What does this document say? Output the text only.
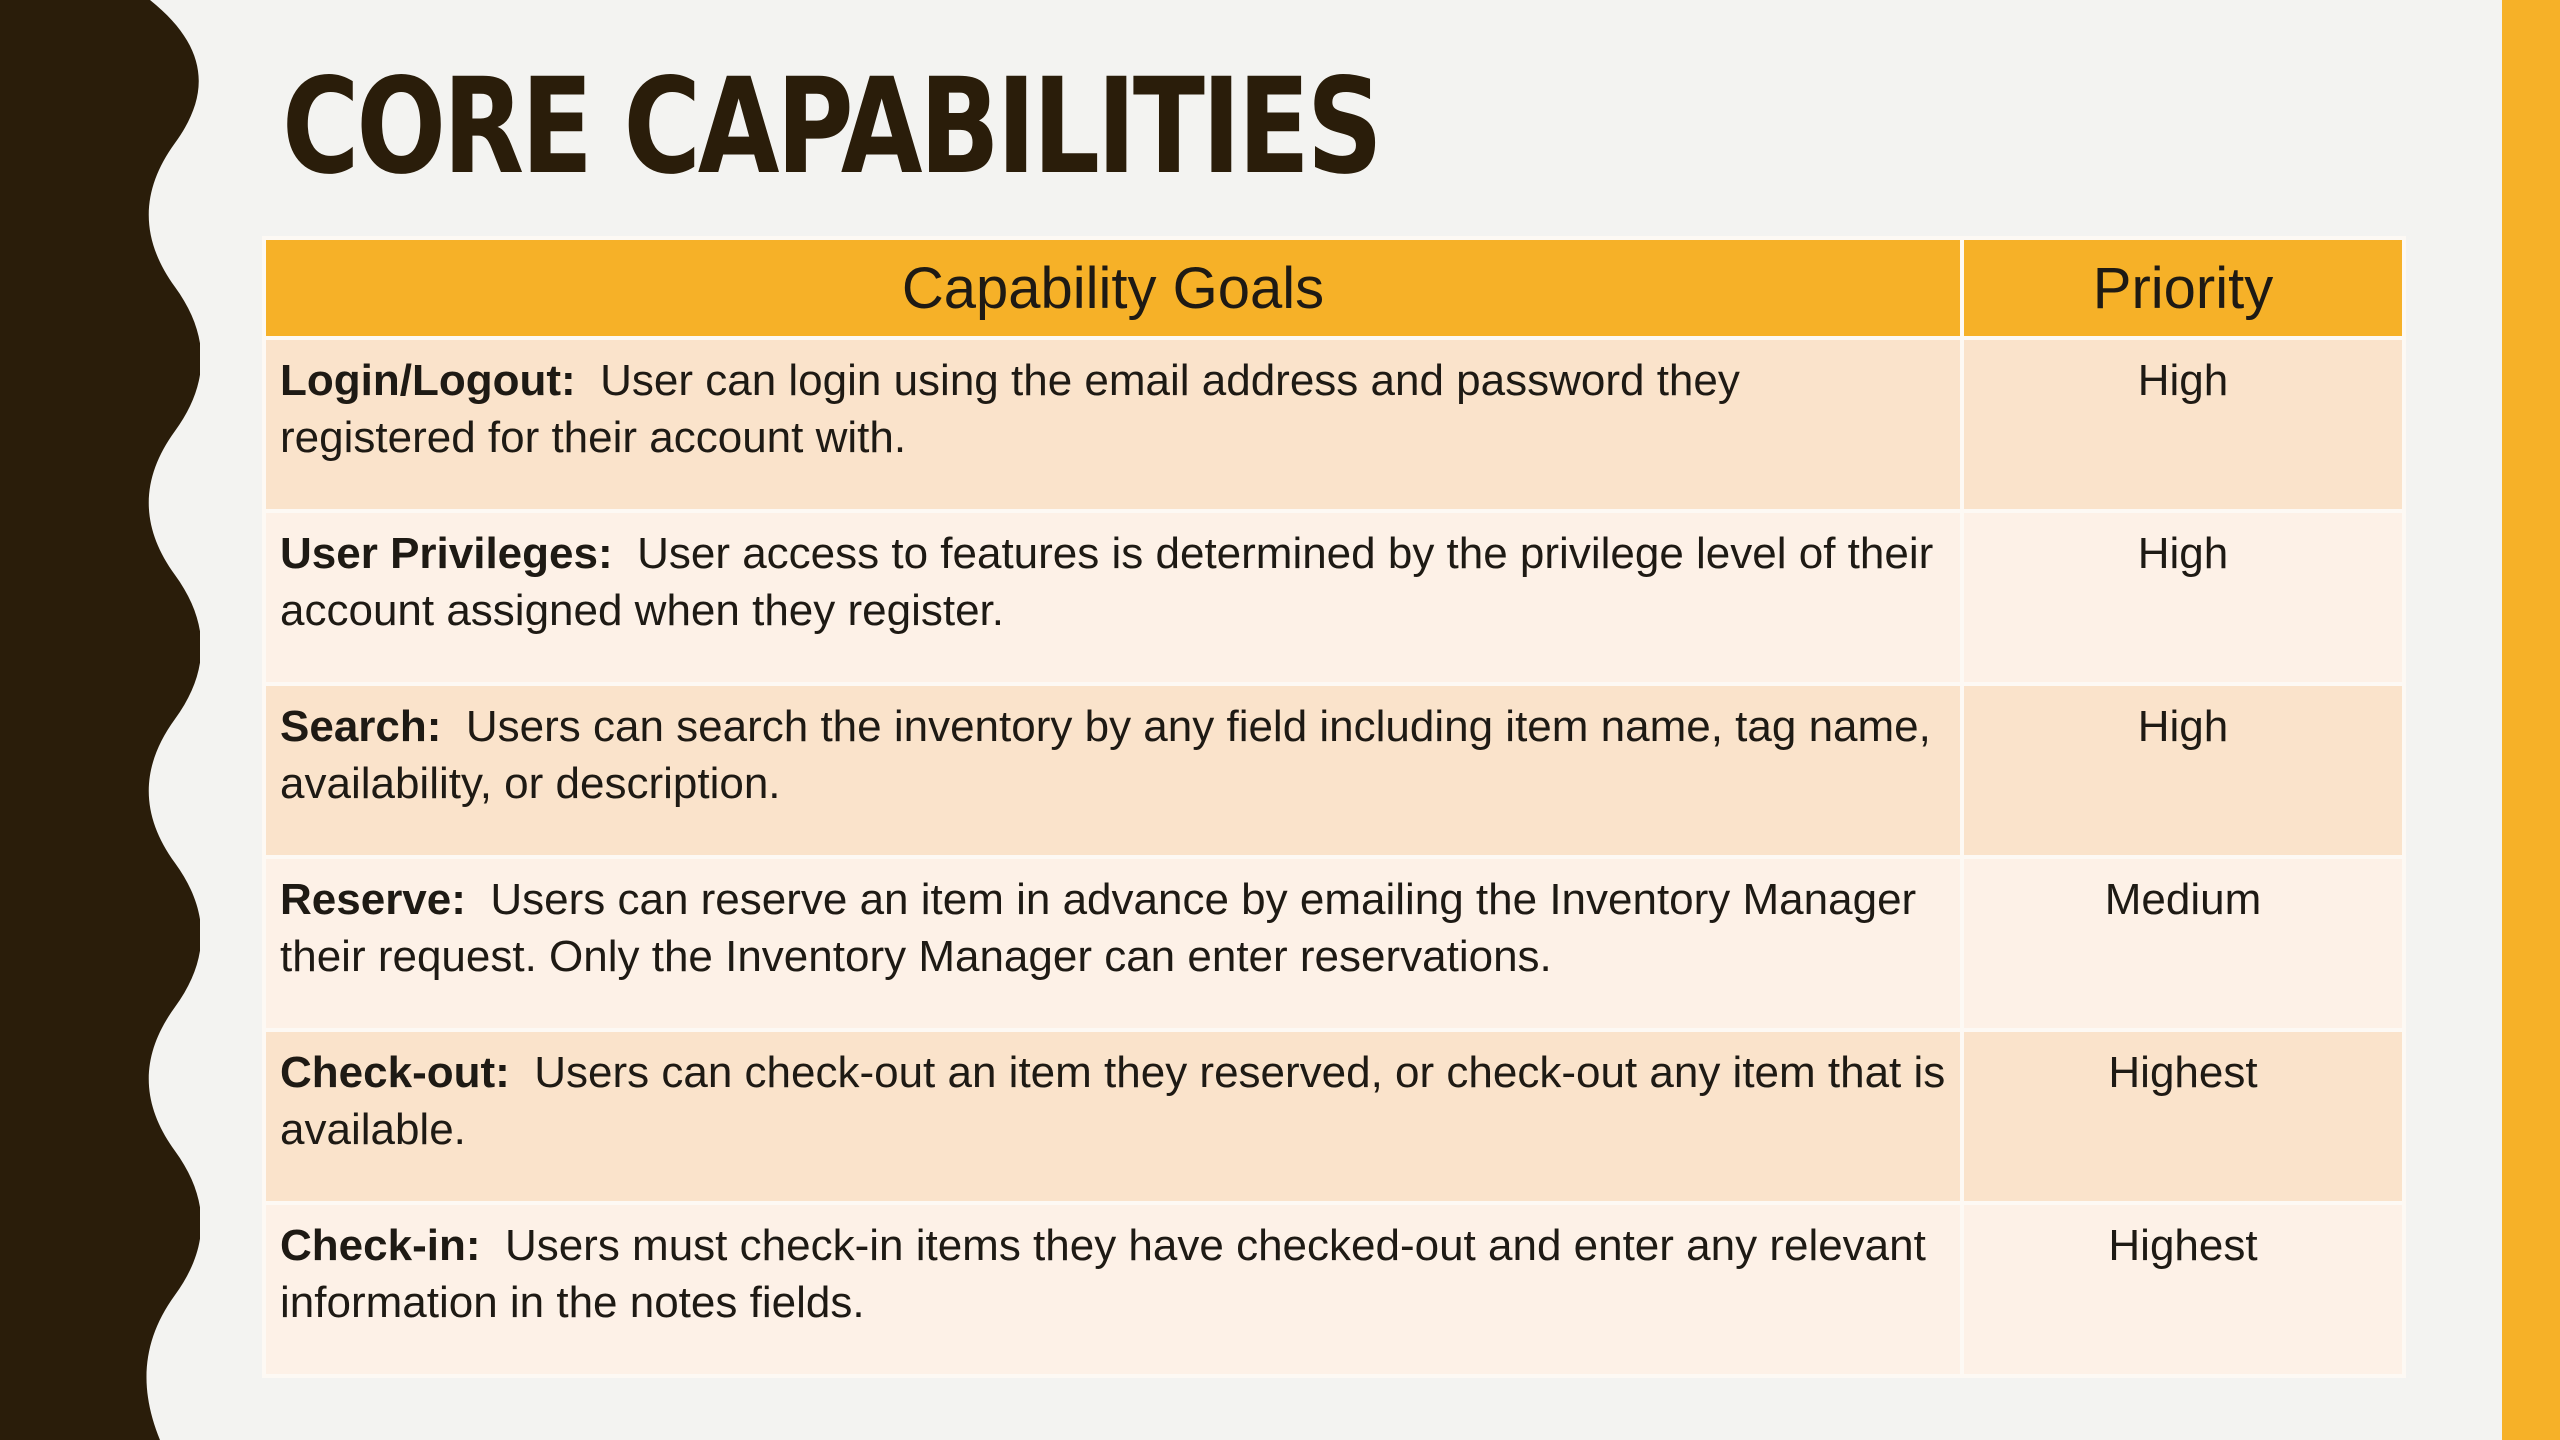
CORE CAPABILITIES
Capability Goals	Priority
Login/Logout: User can login using the email address and password they registered for their account with.	High
User Privileges: User access to features is determined by the privilege level of their account assigned when they register.	High
Search: Users can search the inventory by any field including item name, tag name, availability, or description.	High
Reserve: Users can reserve an item in advance by emailing the Inventory Manager their request. Only the Inventory Manager can enter reservations.	Medium
Check-out: Users can check-out an item they reserved, or check-out any item that is available.	Highest
Check-in: Users must check-in items they have checked-out and enter any relevant information in the notes fields.	Highest
